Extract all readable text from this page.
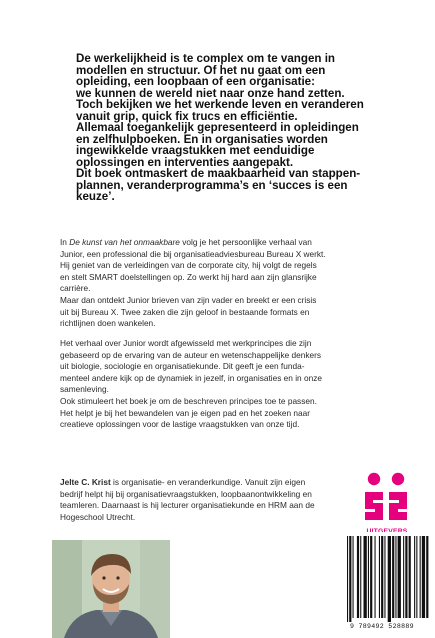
De werkelijkheid is te complex om te vangen in

modellen en structuur. Of het nu gaat om een

opleiding, een loopbaan of een organisatie:

we kunnen de wereld niet naar onze hand zetten.

Toch bekijken we het werkende leven en veranderen

vanuit grip, quick fix trucs en efficiëntie.

Allemaal toegankelijk gepresenteerd in opleidingen

en zelfhulpboeken. En in organisaties worden

ingewikkelde vraagstukken met eenduidige

oplossingen en interventies aangepakt.

Dit boek ontmaskert de maakbaarheid van stappen-

plannen, veranderprogramma’s en ‘succes is een

keuze’.

In De kunst van het onmaakbare volg je het persoonlijke verhaal van

Junior, een professional die bij organisatieadviesbureau Bureau X werkt.

Hij geniet van de verleidingen van de corporate city, hij volgt de regels

en stelt SMART doelstellingen op. Zo werkt hij hard aan zijn glansrijke

carrière.

Maar dan ontdekt Junior brieven van zijn vader en breekt er een crisis

uit bij Bureau X. Twee zaken die zijn geloof in bestaande formats en

richtlijnen doen wankelen.

Het verhaal over Junior wordt afgewisseld met werkprincipes die zijn

gebaseerd op de ervaring van de auteur en wetenschappelijke denkers

uit biologie, sociologie en organisatiekunde. Dit geeft je een funda-

menteel andere kijk op de dynamiek in jezelf, in organisaties en in onze

samenleving.

Ook stimuleert het boek je om de beschreven principes toe te passen.

Het helpt je bij het bewandelen van je eigen pad en het zoeken naar

creatieve oplossingen voor de lastige vraagstukken van onze tijd.

Jelte C. Krist is organisatie- en veranderkundige. Vanuit zijn eigen

bedrijf helpt hij bij organisatievraagstukken, loopbaanontwikkeling en

teamleren. Daarnaast is hij lecturer organisatiekunde en HRM aan de

Hogeschool Utrecht.

9 789492 528889
